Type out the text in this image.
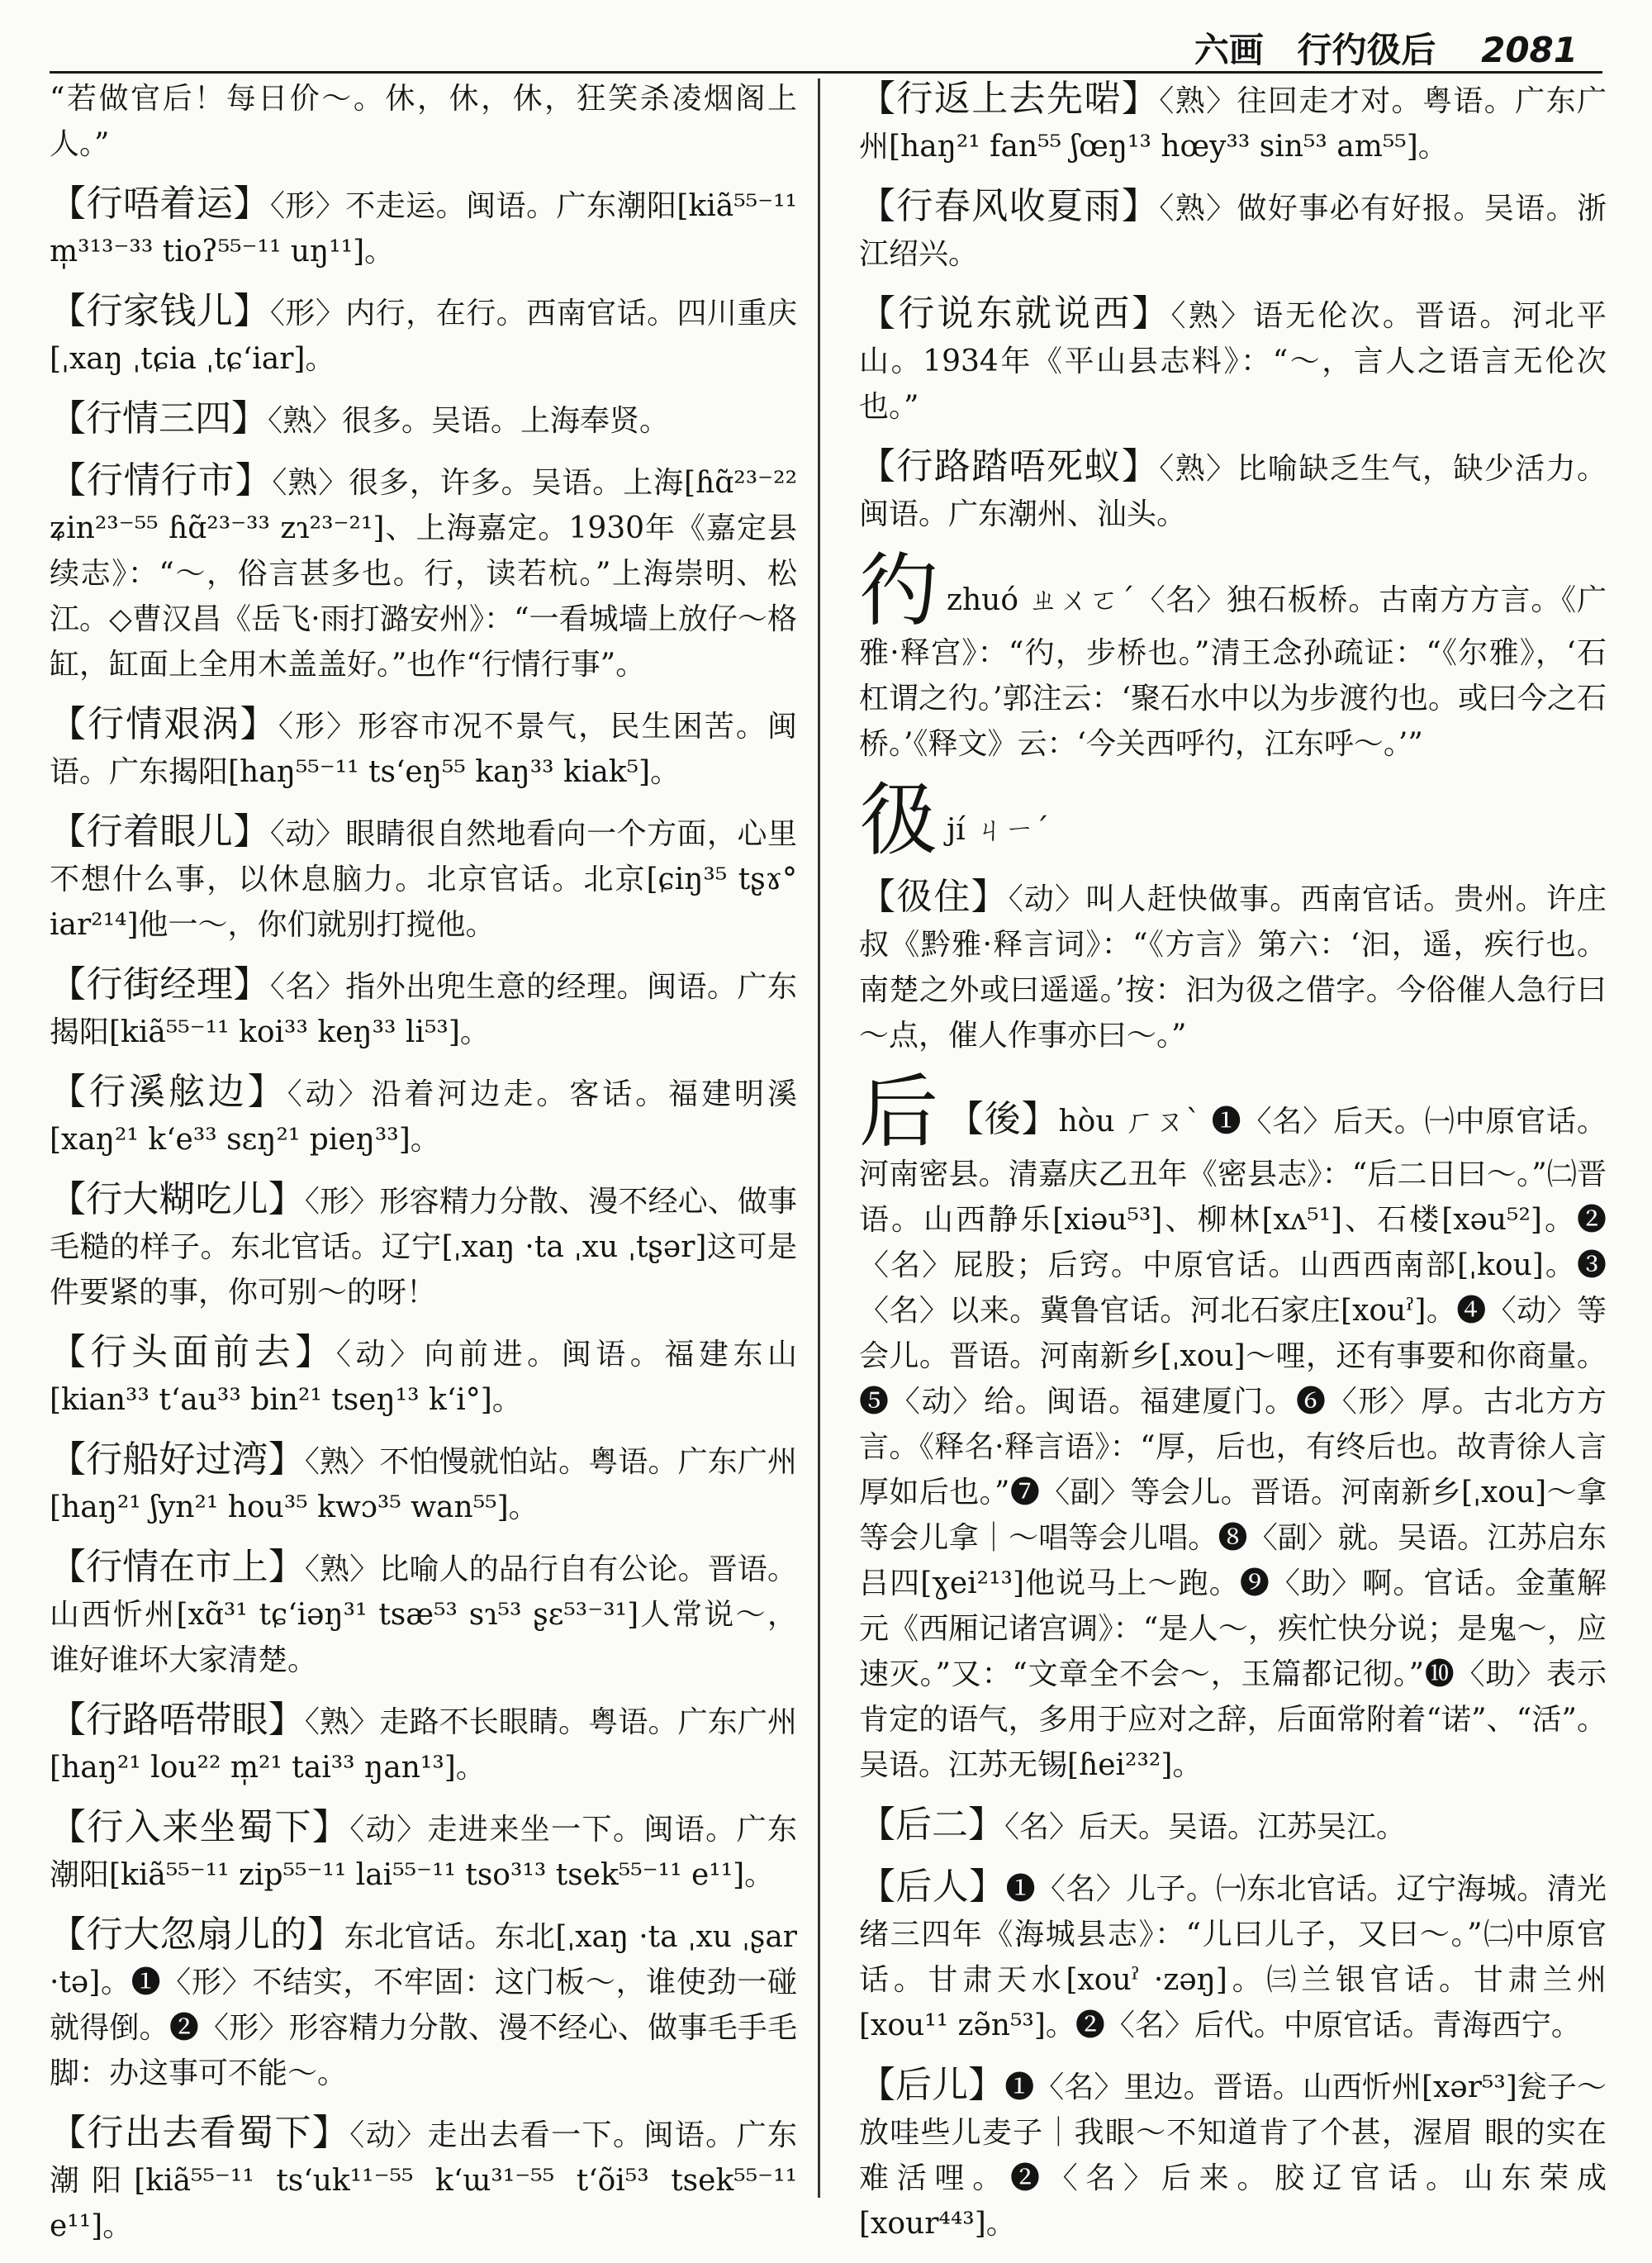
六画 行彴彶后 2081
“若做官后！每日价～。休，休，休，狂笑杀凌烟阁上人。”
【行唔着运】〈形〉不走运。闽语。广东潮阳[kiã⁵⁵⁻¹¹ m̩³¹³⁻³³ tioʔ⁵⁵⁻¹¹ uŋ¹¹]。
【行家钱儿】〈形〉内行，在行。西南官话。四川重庆[ˌxaŋ ˌtɕia ˌtɕ‘iar]。
【行情三四】〈熟〉很多。吴语。上海奉贤。
【行情行市】〈熟〉很多，许多。吴语。上海[ɦɑ̃²³⁻²² ʑin²³⁻⁵⁵ ɦɑ̃²³⁻³³ zɿ²³⁻²¹]、上海嘉定。1930年《嘉定县续志》：“～，俗言甚多也。行，读若杭。”上海崇明、松江。◇曹汉昌《岳飞·雨打潞安州》：“一看城墙上放仔～格缸，缸面上全用木盖盖好。”也作“行情行事”。
【行情艰涡】〈形〉形容市况不景气，民生困苦。闽语。广东揭阳[haŋ⁵⁵⁻¹¹ ts‘eŋ⁵⁵ kaŋ³³ kiak⁵]。
【行着眼儿】〈动〉眼睛很自然地看向一个方面，心里不想什么事，以休息脑力。北京官话。北京[ɕiŋ³⁵ tʂɤ° iar²¹⁴]他一～，你们就别打搅他。
【行街经理】〈名〉指外出兜生意的经理。闽语。广东揭阳[kiã⁵⁵⁻¹¹ koi³³ keŋ³³ li⁵³]。
【行溪舷边】〈动〉沿着河边走。客话。福建明溪[xaŋ²¹ k‘e³³ sɛŋ²¹ pieŋ³³]。
【行大糊吃儿】〈形〉形容精力分散、漫不经心、做事毛糙的样子。东北官话。辽宁[ˌxaŋ ·ta ˌxu ˌtʂər]这可是件要紧的事，你可别～的呀！
【行头面前去】〈动〉向前进。闽语。福建东山[kian³³ t‘au³³ bin²¹ tseŋ¹³ k‘i°]。
【行船好过湾】〈熟〉不怕慢就怕站。粤语。广东广州[haŋ²¹ ʃyn²¹ hou³⁵ kwɔ³⁵ wan⁵⁵]。
【行情在市上】〈熟〉比喻人的品行自有公论。晋语。山西忻州[xɑ̃³¹ tɕ‘iəŋ³¹ tsæ⁵³ sɿ⁵³ ʂɛ⁵³⁻³¹]人常说～，谁好谁坏大家清楚。
【行路唔带眼】〈熟〉走路不长眼睛。粤语。广东广州[haŋ²¹ lou²² m̩²¹ tai³³ ŋan¹³]。
【行入来坐蜀下】〈动〉走进来坐一下。闽语。广东潮阳[kiã⁵⁵⁻¹¹ zip⁵⁵⁻¹¹ lai⁵⁵⁻¹¹ tso³¹³ tsek⁵⁵⁻¹¹ e¹¹]。
【行大忽扇儿的】东北官话。东北[ˌxaŋ ·ta ˌxu ˌʂar ·tə]。❶〈形〉不结实，不牢固：这门板～，谁使劲一碰就得倒。❷〈形〉形容精力分散、漫不经心、做事毛手毛脚：办这事可不能～。
【行出去看蜀下】〈动〉走出去看一下。闽语。广东潮阳[kiã⁵⁵⁻¹¹ ts‘uk¹¹⁻⁵⁵ k‘ɯ³¹⁻⁵⁵ t‘õi⁵³ tsek⁵⁵⁻¹¹ e¹¹]。
【行返上去先啱】〈熟〉往回走才对。粤语。广东广州[haŋ²¹ fan⁵⁵ ʃœŋ¹³ hœy³³ sin⁵³ am⁵⁵]。
【行春风收夏雨】〈熟〉做好事必有好报。吴语。浙江绍兴。
【行说东就说西】〈熟〉语无伦次。晋语。河北平山。1934年《平山县志料》：“～，言人之语言无伦次也。”
【行路踏唔死蚁】〈熟〉比喻缺乏生气，缺少活力。闽语。广东潮州、汕头。
彴zhuó ㄓㄨㄛˊ〈名〉独石板桥。古南方方言。《广雅·释宫》：“彴，步桥也。”清王念孙疏证：“《尔雅》，‘石杠谓之彴。’郭注云：‘聚石水中以为步渡彴也。或曰今之石桥。’《释文》云：‘今关西呼彴，江东呼～。’”
彶jí ㄐㄧˊ
【彶住】〈动〉叫人赶快做事。西南官话。贵州。许庄叔《黔雅·释言词》：“《方言》第六：‘汩，遥，疾行也。南楚之外或曰遥遥。’按：汩为彶之借字。今俗催人急行曰～点，催人作事亦曰～。”
后 【後】hòu ㄏㄡˋ ❶〈名〉后天。㈠中原官话。河南密县。清嘉庆乙丑年《密县志》：“后二日曰～。”㈡晋语。山西静乐[xiəu⁵³]、柳林[xʌ⁵¹]、石楼[xəu⁵²]。❷〈名〉屁股；后窍。中原官话。山西西南部[ˌkou]。❸〈名〉以来。冀鲁官话。河北石家庄[xouˀ]。❹〈动〉等会儿。晋语。河南新乡[ˌxou]～哩，还有事要和你商量。❺〈动〉给。闽语。福建厦门。❻〈形〉厚。古北方方言。《释名·释言语》：“厚，后也，有终后也。故青徐人言厚如后也。”❼〈副〉等会儿。晋语。河南新乡[ˌxou]～拿等会儿拿｜～唱等会儿唱。❽〈副〉就。吴语。江苏启东吕四[ɣei²¹³]他说马上～跑。❾〈助〉啊。官话。金董解元《西厢记诸宫调》：“是人～，疾忙快分说；是鬼～，应速灭。”又：“文章全不会～，玉篇都记彻。”❿〈助〉表示肯定的语气，多用于应对之辞，后面常附着“诺”、“活”。吴语。江苏无锡[ɦei²³²]。
【后二】〈名〉后天。吴语。江苏吴江。
【后人】❶〈名〉儿子。㈠东北官话。辽宁海城。清光绪三四年《海城县志》：“儿曰儿子，又曰～。”㈡中原官话。甘肃天水[xouˀ ·zəŋ]。㈢兰银官话。甘肃兰州[xou¹¹ zə̃n⁵³]。❷〈名〉后代。中原官话。青海西宁。
【后儿】❶〈名〉里边。晋语。山西忻州[xər⁵³]瓮子～放哇些儿麦子｜我眼～不知道肯了个甚，渥眉 眼的实在难活哩。❷〈名〉后来。胶辽官话。山东荣成[xour⁴⁴³]。
